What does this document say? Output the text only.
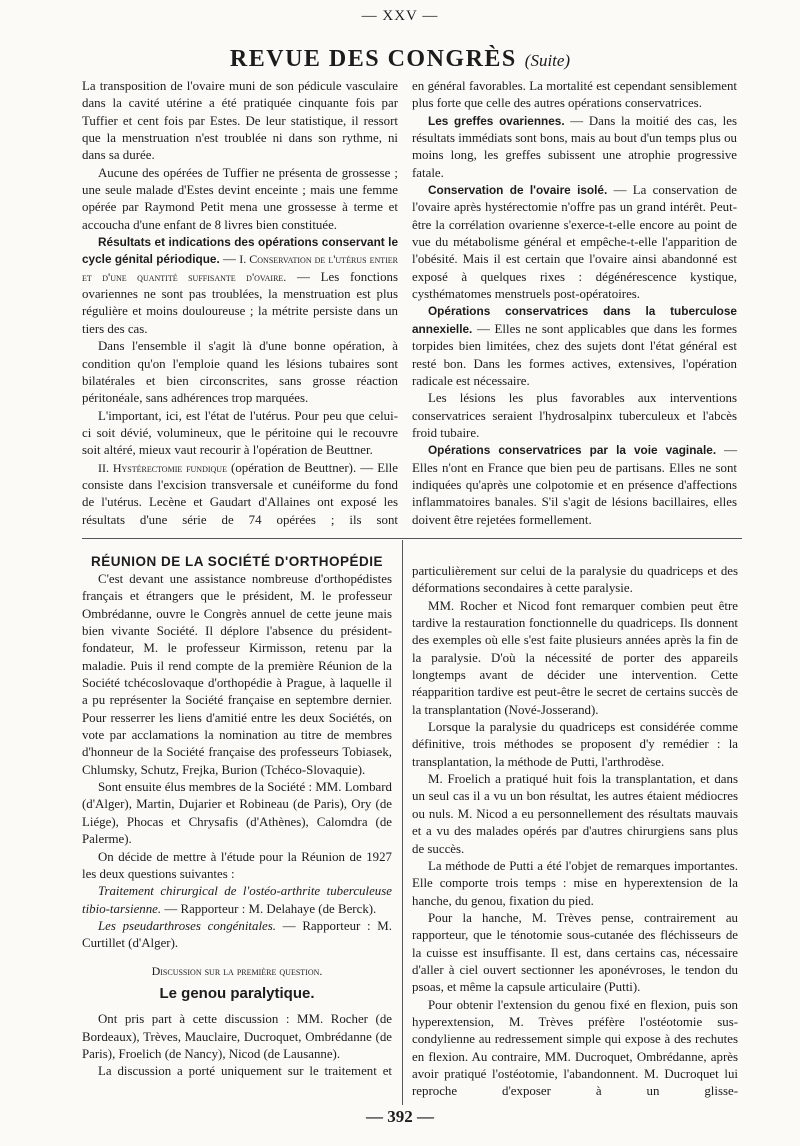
— XXV —
REVUE DES CONGRÈS (Suite)

La transposition de l'ovaire muni de son pédicule vasculaire dans la cavité utérine a été pratiquée cinquante fois par Tuffier et cent fois par Estes. De leur statistique, il ressort que la menstruation n'est troublée ni dans son rythme, ni dans sa durée.

Aucune des opérées de Tuffier ne présenta de grossesse ; une seule malade d'Estes devint enceinte ; mais une femme opérée par Raymond Petit mena une grossesse à terme et accoucha d'une enfant de 8 livres bien constituée.

Résultats et indications des opérations conservant le cycle génital périodique. — I. Conservation de l'utérus entier et d'une quantité suffisante d'ovaire. — Les fonctions ovariennes ne sont pas troublées, la menstruation est plus régulière et moins douloureuse ; la métrite persiste dans un tiers des cas.

Dans l'ensemble il s'agit là d'une bonne opération, à condition qu'on l'emploie quand les lésions tubaires sont bilatérales et bien circonscrites, sans grosse réaction péritonéale, sans adhérences trop marquées.

L'important, ici, est l'état de l'utérus. Pour peu que celui-ci soit dévié, volumineux, que le péritoine qui le recouvre soit altéré, mieux vaut recourir à l'opération de Beuttner.

II. Hystérectomie fundique (opération de Beuttner). — Elle consiste dans l'excision transversale et cunéiforme du fond de l'utérus. Lecène et Gaudart d'Allaines ont exposé les résultats d'une série de 74 opérées ; ils sont

en général favorables. La mortalité est cependant sensiblement plus forte que celle des autres opérations conservatrices.

Les greffes ovariennes. — Dans la moitié des cas, les résultats immédiats sont bons, mais au bout d'un temps plus ou moins long, les greffes subissent une atrophie progressive fatale.

Conservation de l'ovaire isolé. — La conservation de l'ovaire après hystérectomie n'offre pas un grand intérêt. Peut-être la corrélation ovarienne s'exerce-t-elle encore au point de vue du métabolisme général et empêche-t-elle l'apparition de l'obésité. Mais il est certain que l'ovaire ainsi abandonné est exposé à quelques rixes : dégénérescence kystique, cysthématomes menstruels post-opératoires.

Opérations conservatrices dans la tuberculose annexielle. — Elles ne sont applicables que dans les formes torpides bien limitées, chez des sujets dont l'état général est resté bon. Dans les formes actives, extensives, l'opération radicale est nécessaire.

Les lésions les plus favorables aux interventions conservatrices seraient l'hydrosalpinx tuberculeux et l'abcès froid tubaire.

Opérations conservatrices par la voie vaginale. — Elles n'ont en France que bien peu de partisans. Elles ne sont indiquées qu'après une colpotomie et en présence d'affections inflammatoires banales. S'il s'agit de lésions bacillaires, elles doivent être rejetées formellement.

RÉUNION DE LA SOCIÉTÉ D'ORTHOPÉDIE

C'est devant une assistance nombreuse d'orthopédistes français et étrangers que le président, M. le professeur Ombrédanne, ouvre le Congrès annuel de cette jeune mais bien vivante Société. Il déplore l'absence du président-fondateur, M. le professeur Kirmisson, retenu par la maladie. Puis il rend compte de la première Réunion de la Société tchécoslovaque d'orthopédie à Prague, à laquelle il a pu représenter la Société française en septembre dernier. Pour resserrer les liens d'amitié entre les deux Sociétés, on vote par acclamations la nomination au titre de membres d'honneur de la Société française des professeurs Tobiasek, Chlumsky, Schutz, Frejka, Burion (Tchéco-Slovaquie).

Sont ensuite élus membres de la Société : MM. Lombard (d'Alger), Martin, Dujarier et Robineau (de Paris), Ory (de Liége), Phocas et Chrysafis (d'Athènes), Calomdra (de Palerme).

On décide de mettre à l'étude pour la Réunion de 1927 les deux questions suivantes :

Traitement chirurgical de l'ostéo-arthrite tuberculeuse tibio-tarsienne. — Rapporteur : M. Delahaye (de Berck).

Les pseudarthroses congénitales. — Rapporteur : M. Curtillet (d'Alger).

Discussion sur la première question.

Le genou paralytique.

Ont pris part à cette discussion : MM. Rocher (de Bordeaux), Trèves, Mauclaire, Ducroquet, Ombrédanne (de Paris), Froelich (de Nancy), Nicod (de Lausanne).

La discussion a porté uniquement sur le traitement et

particulièrement sur celui de la paralysie du quadriceps et des déformations secondaires à cette paralysie.

MM. Rocher et Nicod font remarquer combien peut être tardive la restauration fonctionnelle du quadriceps. Ils donnent des exemples où elle s'est faite plusieurs années après la fin de la paralysie. D'où la nécessité de porter des appareils longtemps avant de décider une intervention. Cette réapparition tardive est peut-être le secret de certains succès de la transplantation (Nové-Josserand).

Lorsque la paralysie du quadriceps est considérée comme définitive, trois méthodes se proposent d'y remédier : la transplantation, la méthode de Putti, l'arthrodèse.

M. Froelich a pratiqué huit fois la transplantation, et dans un seul cas il a vu un bon résultat, les autres étaient médiocres ou nuls. M. Nicod a eu personnellement des résultats mauvais et a vu des malades opérés par d'autres chirurgiens sans plus de succès.

La méthode de Putti a été l'objet de remarques importantes. Elle comporte trois temps : mise en hyperextension de la hanche, du genou, fixation du pied.

Pour la hanche, M. Trèves pense, contrairement au rapporteur, que le ténotomie sous-cutanée des fléchisseurs de la cuisse est insuffisante. Il est, dans certains cas, nécessaire d'aller à ciel ouvert sectionner les aponévroses, le tendon du psoas, et même la capsule articulaire (Putti).

Pour obtenir l'extension du genou fixé en flexion, puis son hyperextension, M. Trèves préfère l'ostéotomie sus-condylienne au redressement simple qui expose à des rechutes en flexion. Au contraire, MM. Ducroquet, Ombrédanne, après avoir pratiqué l'ostéotomie, l'abandonnent. M. Ducroquet lui reproche d'exposer à un glisse-

— 392 —
